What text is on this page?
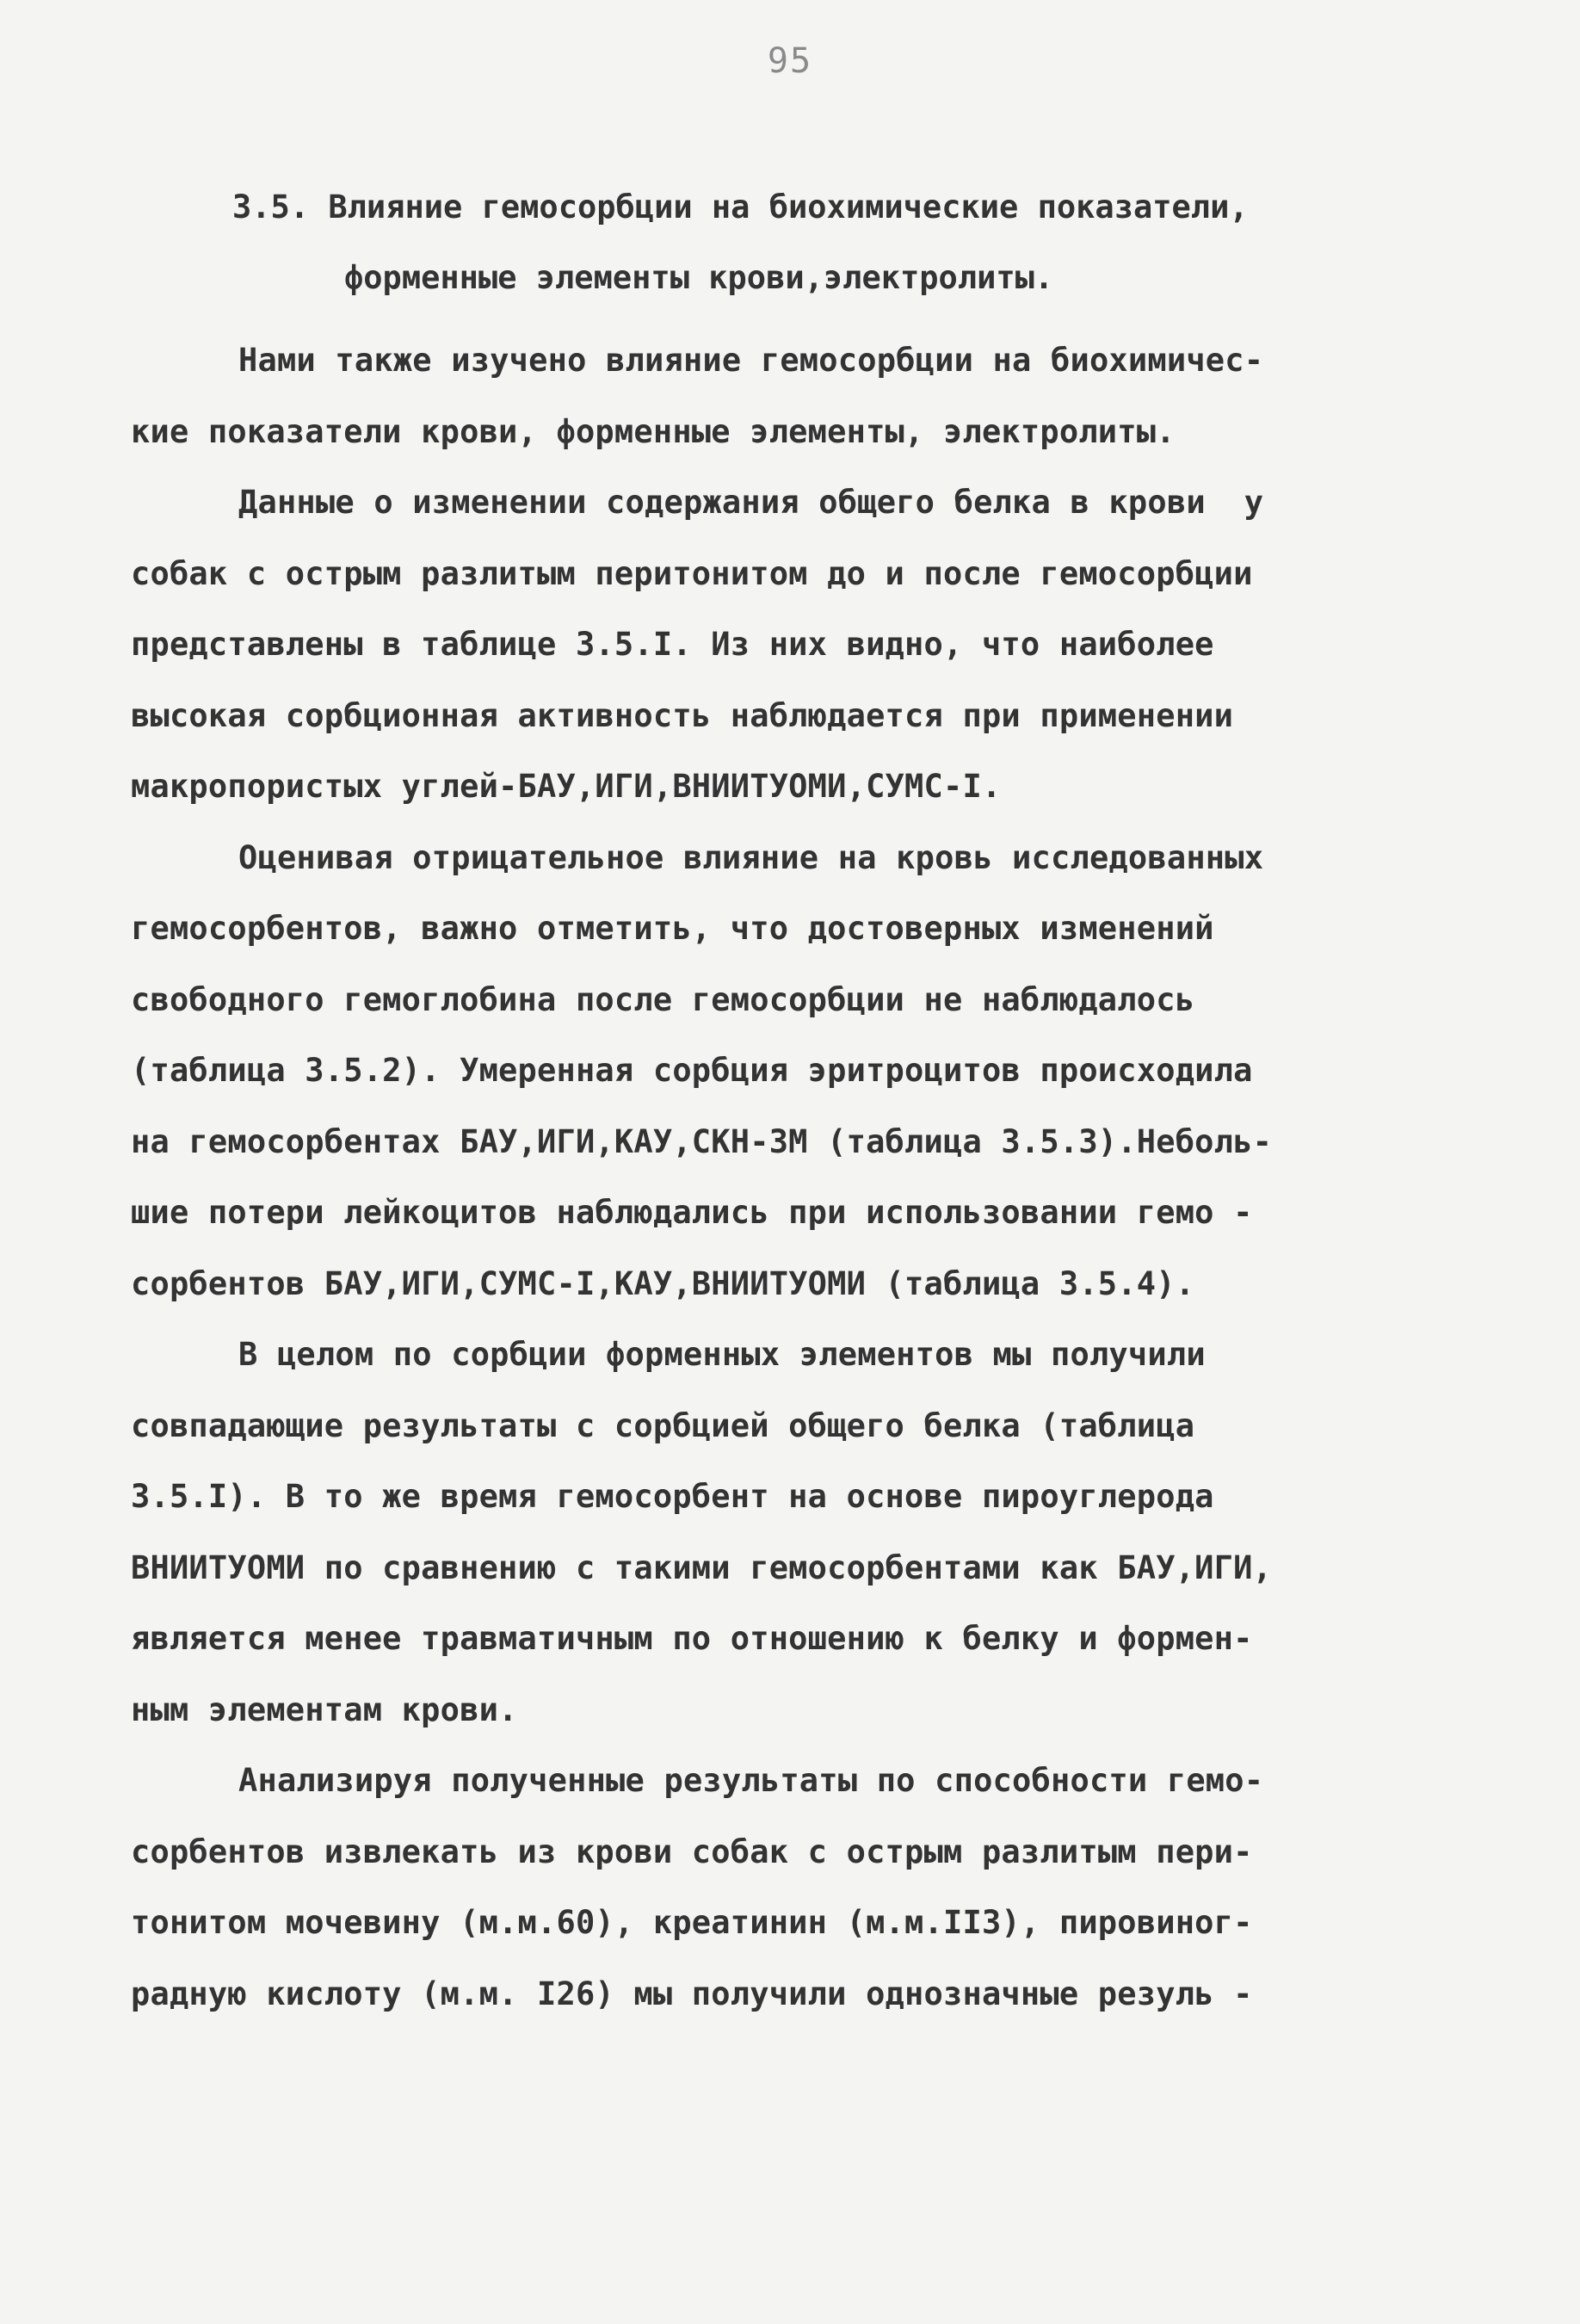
95
3.5. Влияние гемосорбции на биохимические показатели,
форменные элементы крови,электролиты.

Нами также изучено влияние гемосорбции на биохимичес-
кие показатели крови, форменные элементы, электролиты.

Данные о изменении содержания общего белка в крови  у
собак с острым разлитым перитонитом до и после гемосорбции
представлены в таблице 3.5.I. Из них видно, что наиболее
высокая сорбционная активность наблюдается при применении
макропористых углей-БАУ,ИГИ,ВНИИТУОМИ,СУМС-I.

Оценивая отрицательное влияние на кровь исследованных
гемосорбентов, важно отметить, что достоверных изменений
свободного гемоглобина после гемосорбции не наблюдалось
(таблица 3.5.2). Умеренная сорбция эритроцитов происходила
на гемосорбентах БАУ,ИГИ,КАУ,СКН-3М (таблица 3.5.3).Неболь-
шие потери лейкоцитов наблюдались при использовании гемо -
сорбентов БАУ,ИГИ,СУМС-I,КАУ,ВНИИТУОМИ (таблица 3.5.4).

В целом по сорбции форменных элементов мы получили
совпадающие результаты с сорбцией общего белка (таблица
3.5.I). В то же время гемосорбент на основе пироуглерода
ВНИИТУОМИ по сравнению с такими гемосорбентами как БАУ,ИГИ,
является менее травматичным по отношению к белку и формен-
ным элементам крови.

Анализируя полученные результаты по способности гемо-
сорбентов извлекать из крови собак с острым разлитым пери-
тонитом мочевину (м.м.60), креатинин (м.м.II3), пировиног-
радную кислоту (м.м. I26) мы получили однозначные резуль -
